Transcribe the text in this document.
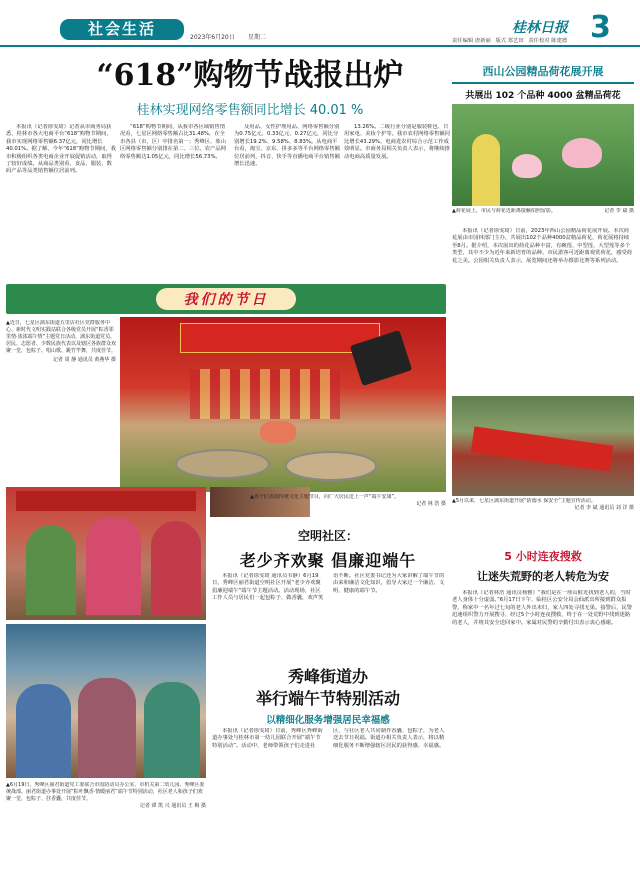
社会生活	2023年6月20日 星期二
桂林日报 3
责任编辑 唐新丽 版式 郑艺田 责任校对 陈建德
“618”购物节战报出炉
桂林实现网络零售额同比增长 40.01 %

本报讯（记者徐雯琦）记者从市商务局获悉，桂林市各大电商平台“618”购物节期间，我市实现网络零售额6.37亿元，同比增长40.01%。据了解，今年“618”购物节期间，我市积极组织各类电商企业开展促销活动，取得了较好成绩。从商品类别看，食品、服装、数码产品等品类销售额位居前列。

“618”购物节期间，从我市各区域销售情况看，七星区网络零售额占比31.48%，在全市各县（市、区）中排名第一；秀峰区、象山区网络零售额分别排在第二、三位。农产品网络零售额达1.05亿元，同比增长56.73%。

及用品、女性护理用品、网络零售额分别为0.75亿元、0.33亿元、0.27亿元，同比分别增长19.2%、9.58%、8.83%。从电商平台看，淘宝、京东、拼多多等平台网络零售额位居前列，抖音、快手等直播电商平台销售额增长迅速。

13.26%。二级行业分别是服装鞋包、日用家电、美妆个护等。我市农村网络零售额同比增长43.29%，电商进农村综合示范工作成效明显。市商务局相关负责人表示，将继续推动电商高质量发展。

我们的节日
▲近日，七星区漓东街道五里店社区党群服务中心、新时代文明实践站联合各级党员开展“粽香邻里情·浓浓端午情”主题党日活动，漓东街道党员、居民、志愿者、少数民族代表以及辖区各族群众欢聚一堂，包粽子、唱山歌、跳竹竿舞，共度佳节。
记者 周 静 通讯员 黄燕华 摄
▲孩子们表演传统文化主题节目，向广大居民送上一声“端午安康”。
记者 林 浩 摄
空明社区：
老少齐欢聚 倡廉迎端午

本报讯（记者徐雯琦 通讯员韦静）6月19日，秀峰区丽君街道空明社区开展“老少齐欢聚 倡廉迎端午”端午节主题活动。活动现场，社区工作人员与居民们一起包粽子、做香囊，欢声笑语不断。社区党委书记还为大家讲解了端午节的由来和廉洁文化知识，倡导大家过一个廉洁、文明、健康的端午节。

▲6月19日，秀峰区丽君街道党工委联合市国防动员办公室、市机关第二幼儿园、秀峰区委统战部、丽君街道办事处开展“粽叶飘香·情暖丽君”端午节特别活动，社区老人和孩子们欢聚一堂，包粽子、挂香囊，共度佳节。
记者 谭 凯 兴 通讯员 王 梅 摄
秀峰街道办
举行端午节特别活动
以精细化服务增强居民幸福感

本报讯（记者徐雯琦）日前，秀峰区秀峰街道办事处与桂林市第一幼儿园联合开展“端午节特别活动”。活动中，老师带领孩子们走进社区，与社区老人共同制作香囊、包粽子，为老人送去节日祝福。街道办相关负责人表示，将以精细化服务不断增强辖区居民的获得感、幸福感。

西山公园精品荷花展开展
共展出 102 个品种 4000 盆精品荷花
▲荷花展上，市民与荷花近距离接触拍照留影。	记者 李 斌 摄

本报讯（记者徐雯琦）日前，2023年西山公园精品荷花展开展。本次荷花展由市园林部门主办，共展出102个品种4000盆精品荷花，荷花展将持续至8月。据介绍，本次展出的荷花品种丰富，有碗莲、中型莲、大型莲等多个类型，其中不少为近年来新培育的品种。市民游客可近距离观赏荷花，感受荷花之美。公园相关负责人表示，展览期间还将举办摄影比赛等系列活动。

▲5月以来，七星区漓东街道开展“防溺水 保安全”主题宣传活动。
记者 李 斌 通讯员 刘 洋 摄
5 小时连夜搜救
让迷失荒野的老人转危为安

本报讯（记者林浩 通讯员杨雅）“我们是在一座山附近找到老人的，当时老人身体十分虚弱。”6月17日下午，临桂区公安分局会仙派出所接到群众报警，称家中一名年过七旬的老人外出未归，家人四处寻找无果。接警后，民警迅速组织警力开展搜寻，经过5个小时连夜搜救，终于在一处荒野中找到迷路的老人，并将其安全送回家中。家属对民警的辛勤付出表示衷心感谢。
